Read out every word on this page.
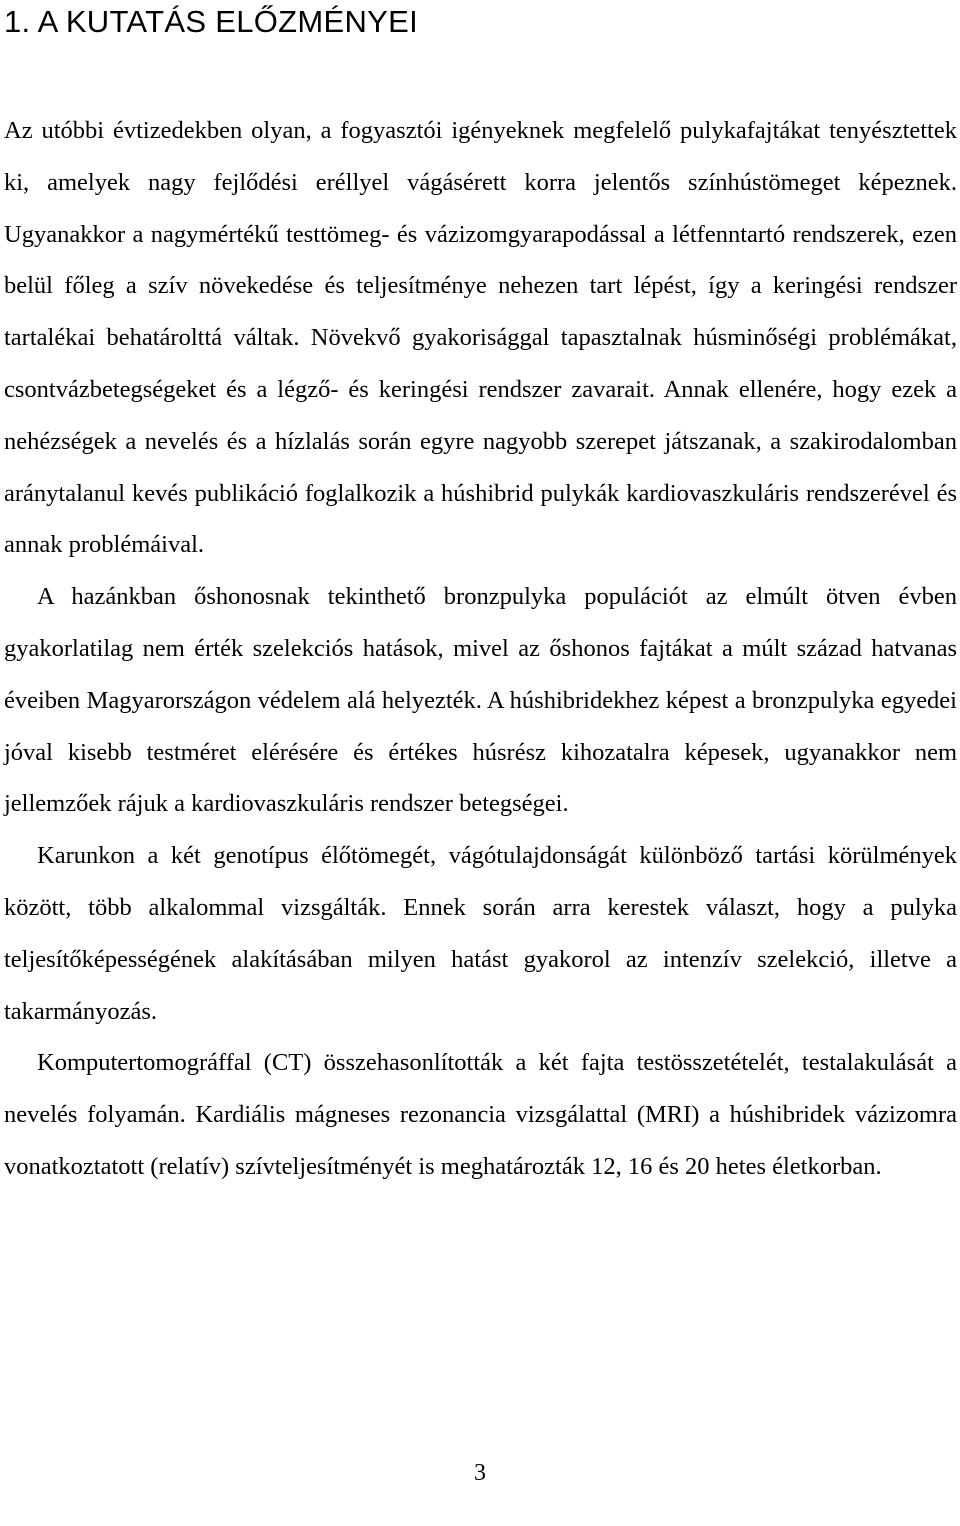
1. A KUTATÁS ELŐZMÉNYEI

Az utóbbi évtizedekben olyan, a fogyasztói igényeknek megfelelő pulykafajtákat tenyésztettek ki, amelyek nagy fejlődési eréllyel vágásérett korra jelentős színhústömeget képeznek. Ugyanakkor a nagymértékű testtömeg- és vázizomgyarapodással a létfenntartó rendszerek, ezen belül főleg a szív növekedése és teljesítménye nehezen tart lépést, így a keringési rendszer tartalékai behatárolttá váltak. Növekvő gyakorisággal tapasztalnak húsminőségi problémákat, csontvázbetegségeket és a légző- és keringési rendszer zavarait. Annak ellenére, hogy ezek a nehézségek a nevelés és a hízlalás során egyre nagyobb szerepet játszanak, a szakirodalomban aránytalanul kevés publikáció foglalkozik a húshibrid pulykák kardiovaszkuláris rendszerével és annak problémáival.

A hazánkban őshonosnak tekinthető bronzpulyka populációt az elmúlt ötven évben gyakorlatilag nem érték szelekciós hatások, mivel az őshonos fajtákat a múlt század hatvanas éveiben Magyarországon védelem alá helyezték. A húshibridekhez képest a bronzpulyka egyedei jóval kisebb testméret elérésére és értékes húsrész kihozatalra képesek, ugyanakkor nem jellemzőek rájuk a kardiovaszkuláris rendszer betegségei.

Karunkon a két genotípus élőtömegét, vágótulajdonságát különböző tartási körülmények között, több alkalommal vizsgálták. Ennek során arra kerestek választ, hogy a pulyka teljesítőképességének alakításában milyen hatást gyakorol az intenzív szelekció, illetve a takarmányozás.

Komputertomográffal (CT) összehasonlították a két fajta testösszetételét, testalakulását a nevelés folyamán. Kardiális mágneses rezonancia vizsgálattal (MRI) a húshibridek vázizomra vonatkoztatott (relatív) szívteljesítményét is meghatározták 12, 16 és 20 hetes életkorban.

3
